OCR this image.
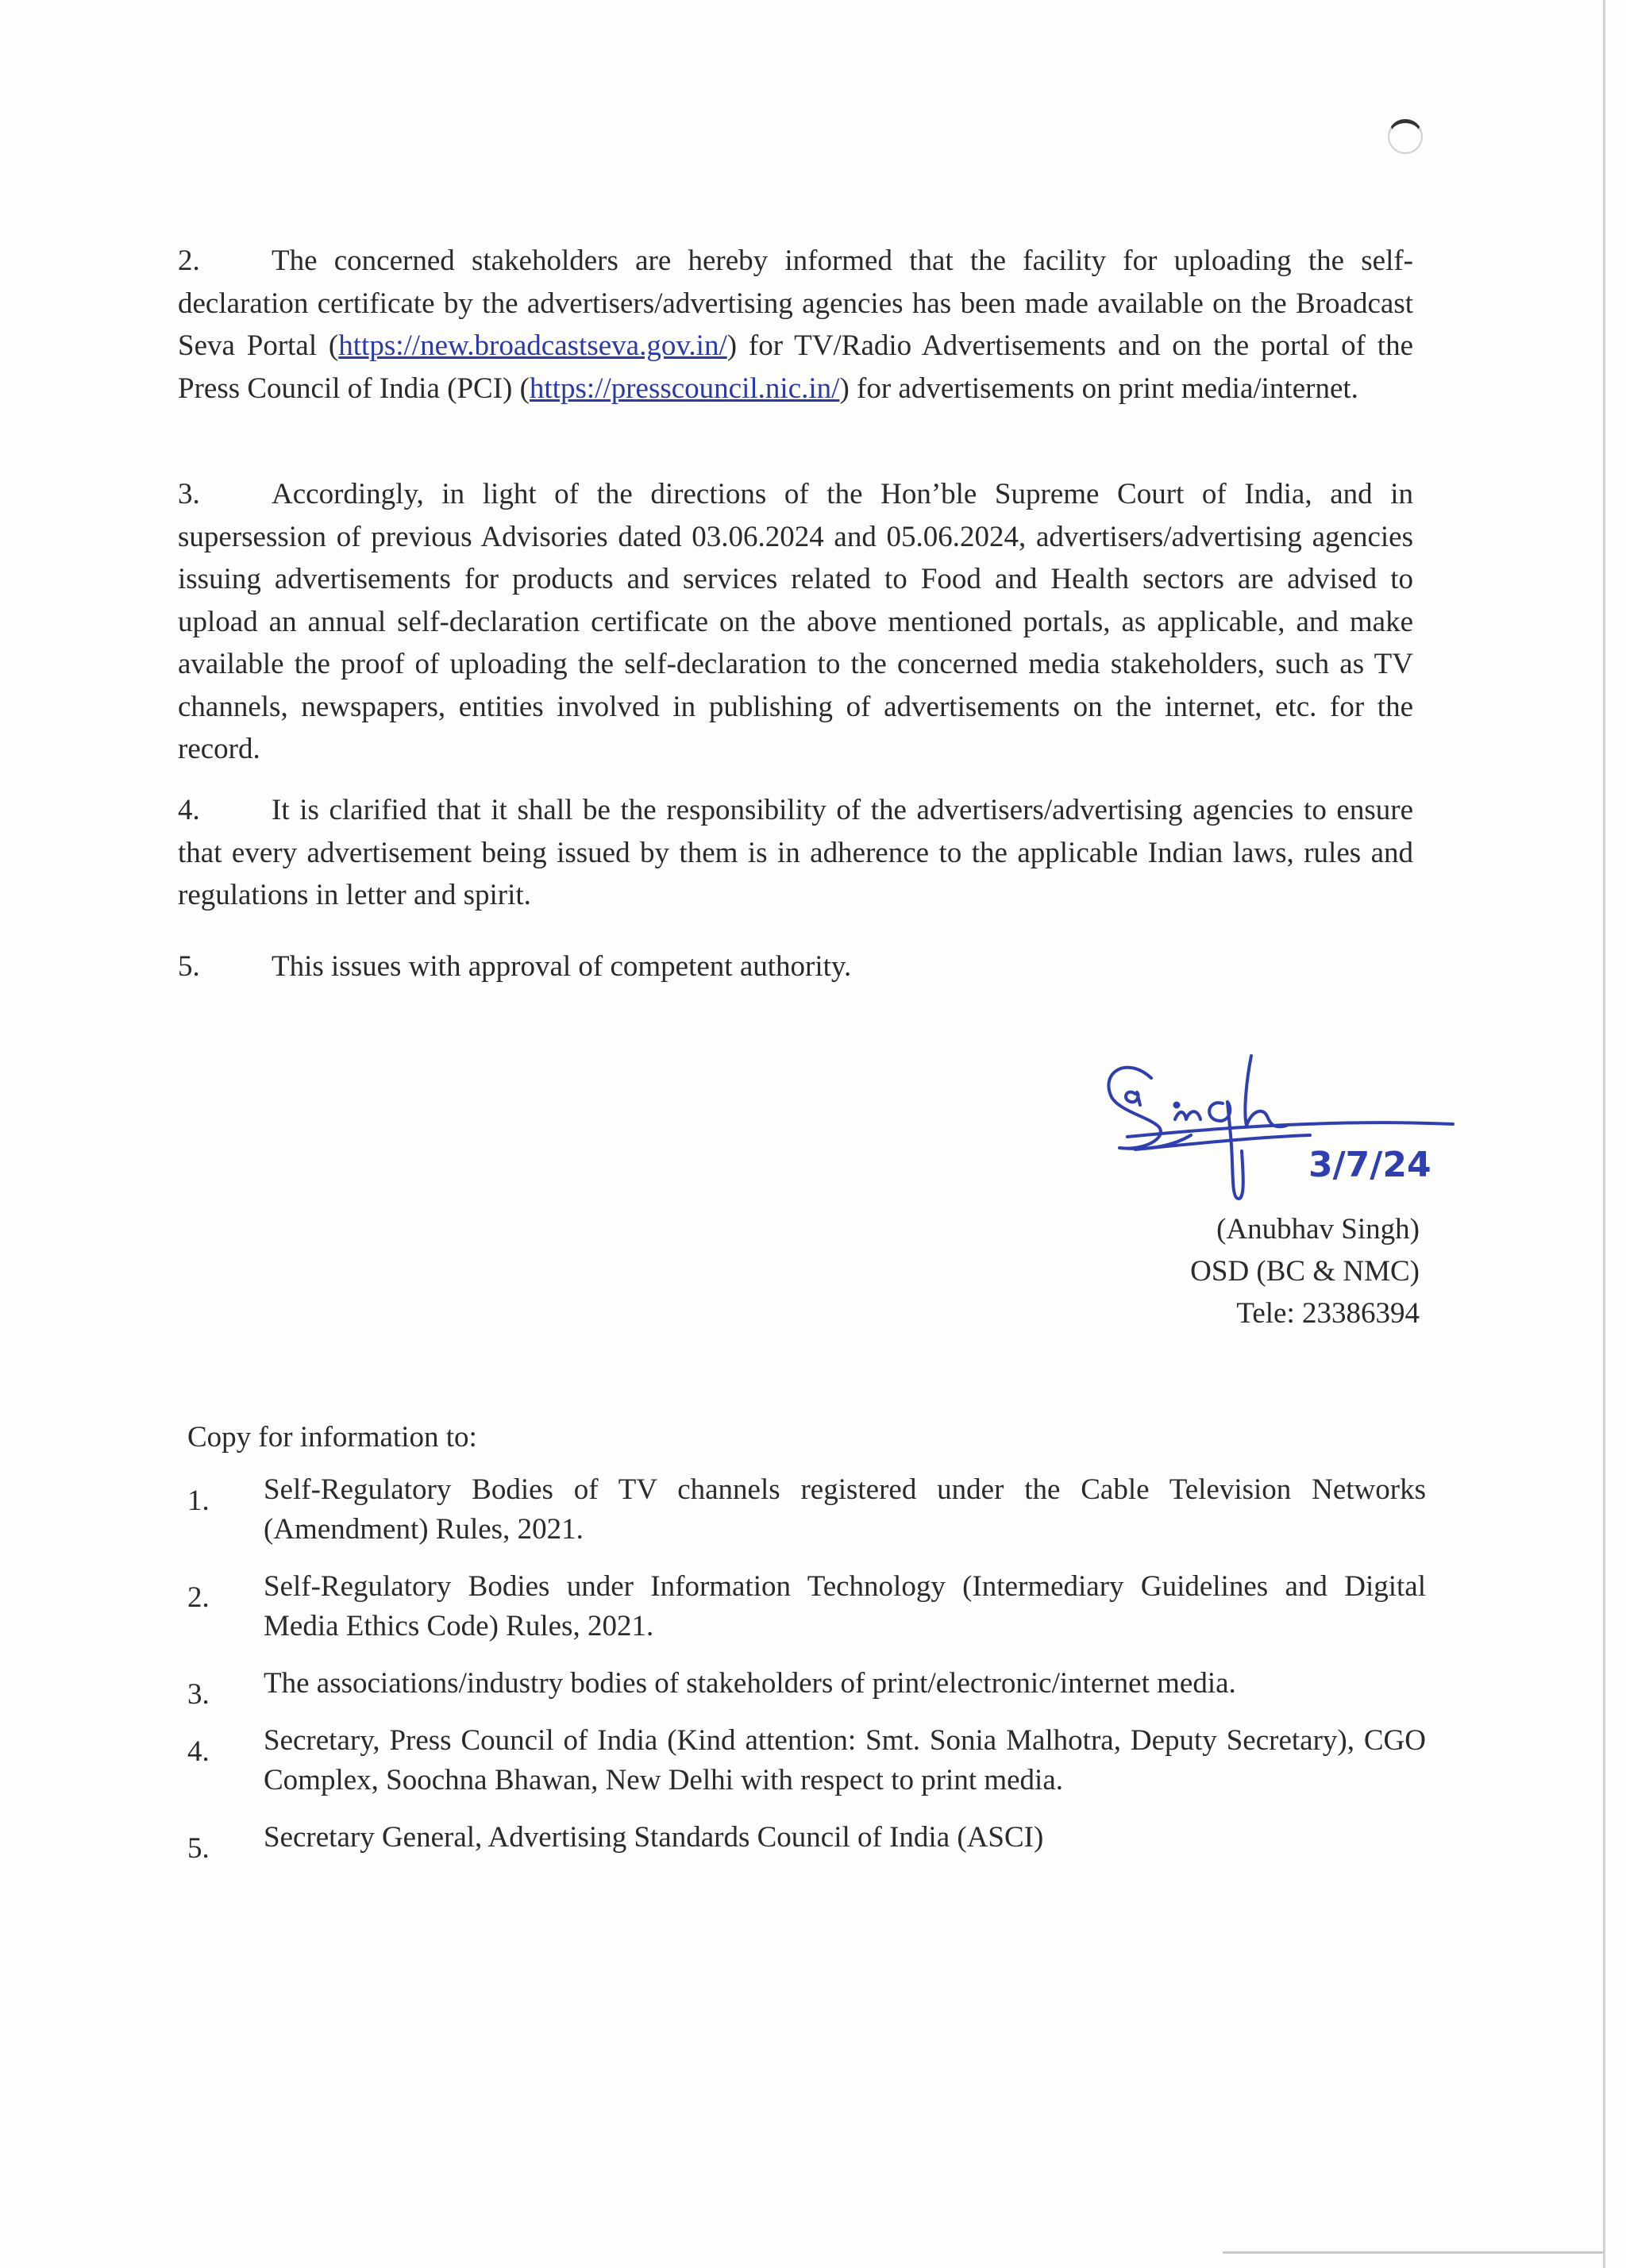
2. The concerned stakeholders are hereby informed that the facility for uploading the self-declaration certificate by the advertisers/advertising agencies has been made available on the Broadcast Seva Portal (https://new.broadcastseva.gov.in/) for TV/Radio Advertisements and on the portal of the Press Council of India (PCI) (https://presscouncil.nic.in/) for advertisements on print media/internet.

3. Accordingly, in light of the directions of the Hon’ble Supreme Court of India, and in supersession of previous Advisories dated 03.06.2024 and 05.06.2024, advertisers/advertising agencies issuing advertisements for products and services related to Food and Health sectors are advised to upload an annual self-declaration certificate on the above mentioned portals, as applicable, and make available the proof of uploading the self-declaration to the concerned media stakeholders, such as TV channels, newspapers, entities involved in publishing of advertisements on the internet, etc. for the record.

4. It is clarified that it shall be the responsibility of the advertisers/advertising agencies to ensure that every advertisement being issued by them is in adherence to the applicable Indian laws, rules and regulations in letter and spirit.

5. This issues with approval of competent authority.

3/7/24
(Anubhav Singh)
OSD (BC & NMC)
Tele: 23386394
Copy for information to:
1. Self-Regulatory Bodies of TV channels registered under the Cable Television Networks (Amendment) Rules, 2021.
2. Self-Regulatory Bodies under Information Technology (Intermediary Guidelines and Digital Media Ethics Code) Rules, 2021.
3. The associations/industry bodies of stakeholders of print/electronic/internet media.
4. Secretary, Press Council of India (Kind attention: Smt. Sonia Malhotra, Deputy Secretary), CGO Complex, Soochna Bhawan, New Delhi with respect to print media.
5. Secretary General, Advertising Standards Council of India (ASCI)
